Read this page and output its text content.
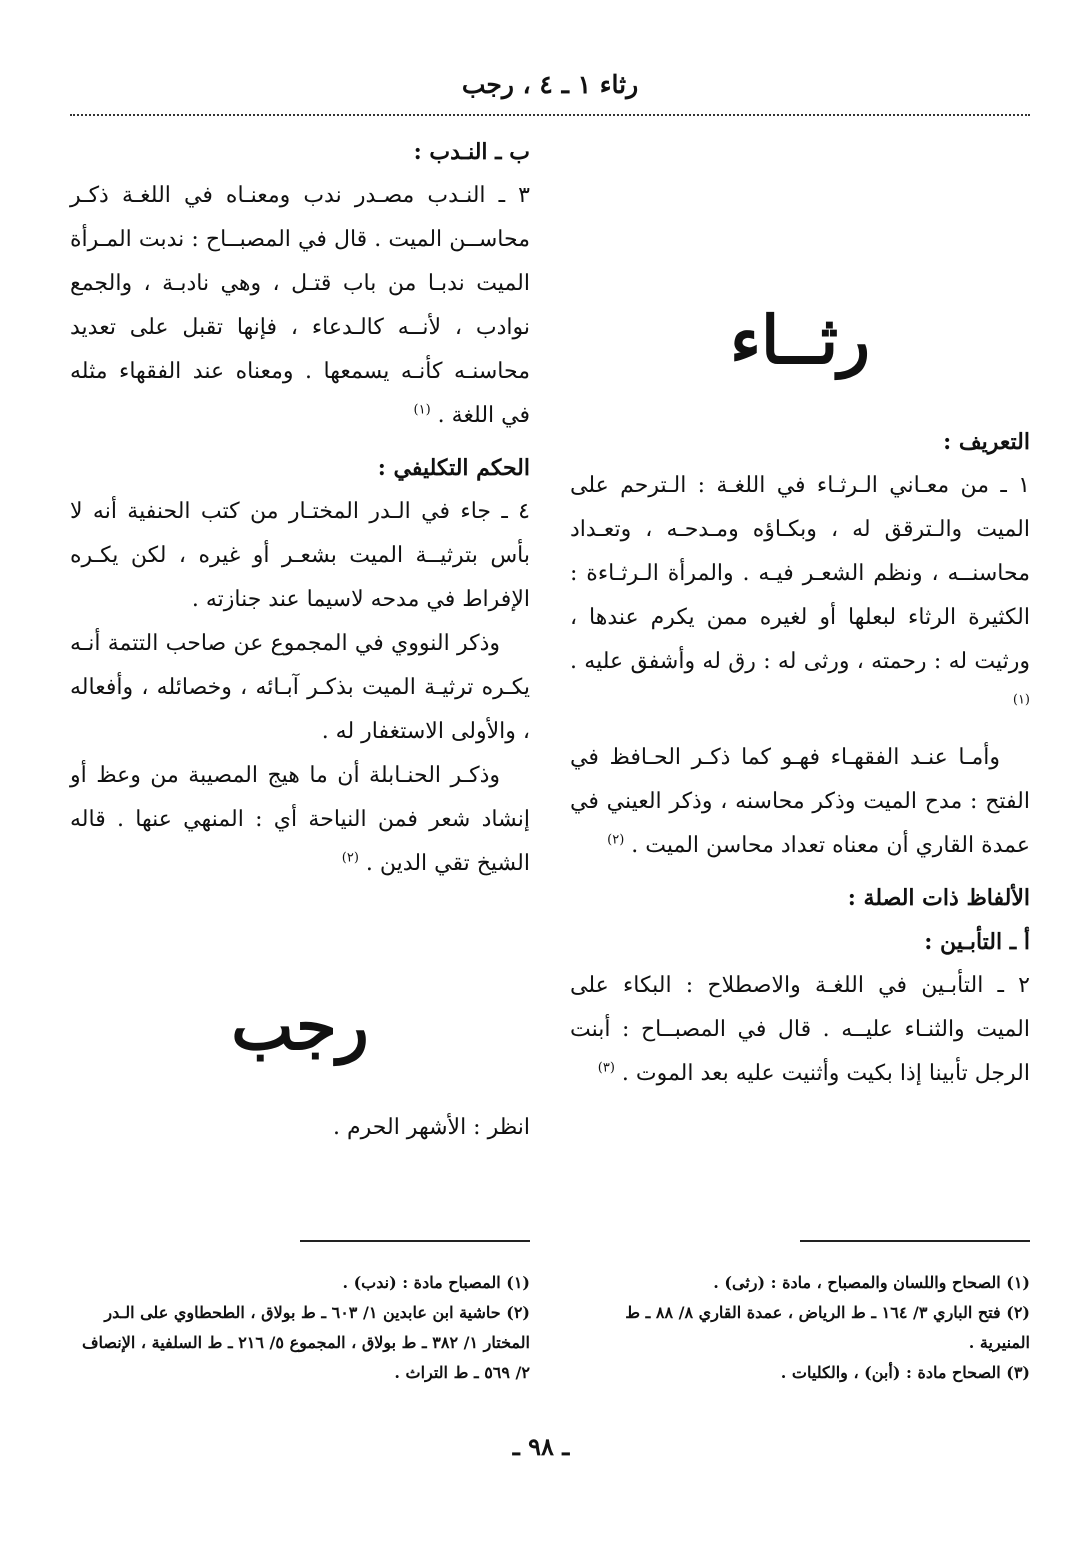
رثاء ١ ـ ٤ ، رجب
رثــاء

التعريف :

١ ـ من معـاني الـرثـاء في اللغـة : الـترحم على الميت والـترقق له ، وبكـاؤه ومـدحـه ، وتعـداد محاسنــه ، ونظم الشعـر فيـه . والمرأة الـرثـاءة : الكثيرة الرثاء لبعلها أو لغيره ممن يكرم عندها ، ورثيت له : رحمته ، ورثى له : رق له وأشفق عليه . $^{(١)}$

وأمـا عنـد الفقهـاء فهـو كما ذكـر الحـافظ في الفتح : مدح الميت وذكر محاسنه ، وذكر العيني في عمدة القاري أن معناه تعداد محاسن الميت . $^{(٢)}$

الألفاظ ذات الصلة :

أ ـ التأبـين :

٢ ـ التأبـين في اللغـة والاصطلاح : البكاء على الميت والثنـاء عليــه . قال في المصبــاح : أبنت الرجل تأبينا إذا بكيت وأثنيت عليه بعد الموت . $^{(٣)}$

ب ـ النـدب :

٣ ـ النـدب مصـدر ندب ومعنـاه في اللغـة ذكـر محاســن الميت . قال في المصبــاح : ندبت المـرأة الميت ندبـا من باب قتـل ، وهي نادبـة ، والجمع نوادب ، لأنــه كالـدعاء ، فإنها تقبل على تعديد محاسنـه كأنـه يسمعها . ومعناه عند الفقهاء مثله في اللغة . $^{(١)}$

الحكم التكليفي :

٤ ـ جاء في الـدر المختـار من كتب الحنفية أنه لا بأس بترثيــة الميت بشعـر أو غيره ، لكن يكـره الإفراط في مدحه لاسيما عند جنازته .

وذكر النووي في المجموع عن صاحب التتمة أنـه يكـره ترثيـة الميت بذكـر آبـائه ، وخصائله ، وأفعاله ، والأولى الاستغفار له .

وذكـر الحنـابلة أن ما هيج المصيبة من وعظ أو إنشاد شعر فمن النياحة أي : المنهي عنها . قاله الشيخ تقي الدين . $^{(٢)}$

رجب

انظر : الأشهر الحرم .

(١) الصحاح واللسان والمصباح ، مادة : (رثى) .

(٢) فتح الباري ٣/ ١٦٤ ـ ط الرياض ، عمدة القاري ٨/ ٨٨ ـ ط المنيرية .

(٣) الصحاح مادة : (أبن) ، والكليات .

(١) المصباح مادة : (ندب) .

(٢) حاشية ابن عابدين ١/ ٦٠٣ ـ ط بولاق ، الطحطاوي على الـدر المختار ١/ ٣٨٢ ـ ط بولاق ، المجموع ٥/ ٢١٦ ـ ط السلفية ، الإنصاف ٢/ ٥٦٩ ـ ط التراث .

ـ ٩٨ ـ
